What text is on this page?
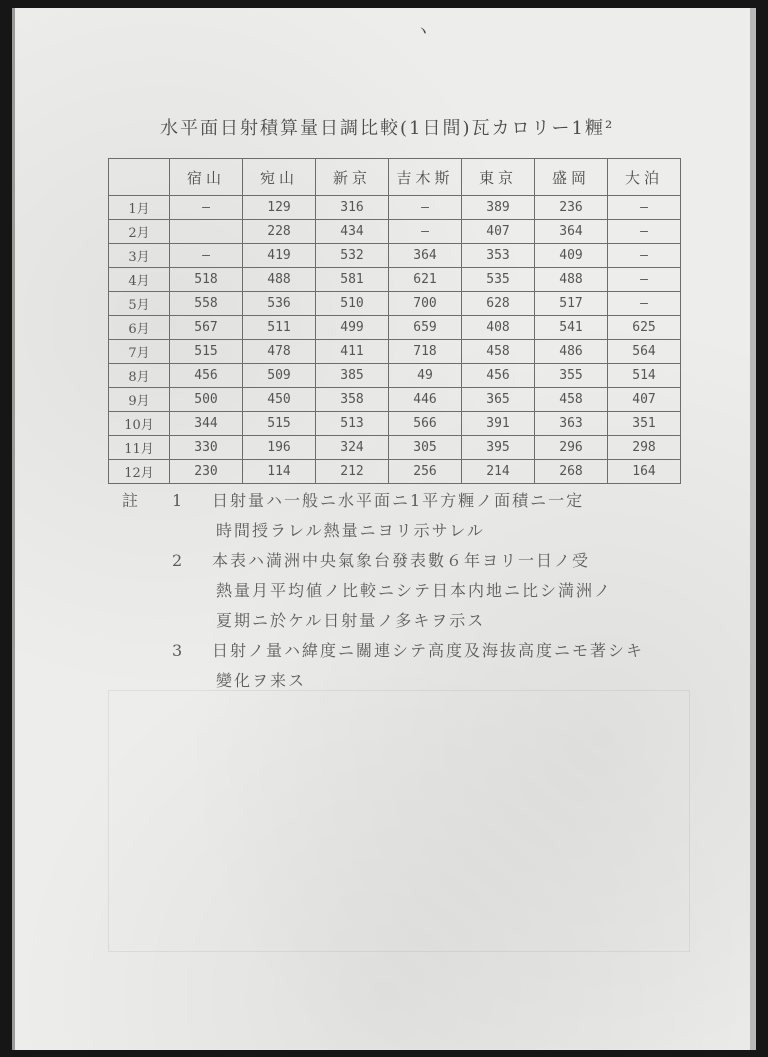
ヽ
水平面日射積算量日調比較(1日間)瓦カロリー1糎²
	宿山	宛山	新京	吉木斯	東京	盛岡	大泊
1月	—	129	316	—	389	236	—
2月		228	434	—	407	364	—
3月	—	419	532	364	353	409	—
4月	518	488	581	621	535	488	—
5月	558	536	510	700	628	517	—
6月	567	511	499	659	408	541	625
7月	515	478	411	718	458	486	564
8月	456	509	385	49	456	355	514
9月	500	450	358	446	365	458	407
10月	344	515	513	566	391	363	351
11月	330	196	324	305	395	296	298
12月	230	114	212	256	214	268	164
註 1	日射量ハ一般ニ水平面ニ1平方糎ノ面積ニ一定
時間授ラレル熱量ニヨリ示サレル
2	本表ハ満洲中央氣象台發表數６年ヨリ一日ノ受
熱量月平均値ノ比較ニシテ日本内地ニ比シ満洲ノ
夏期ニ於ケル日射量ノ多キヲ示ス
3	日射ノ量ハ緯度ニ關連シテ高度及海抜高度ニモ著シキ
變化ヲ来ス
